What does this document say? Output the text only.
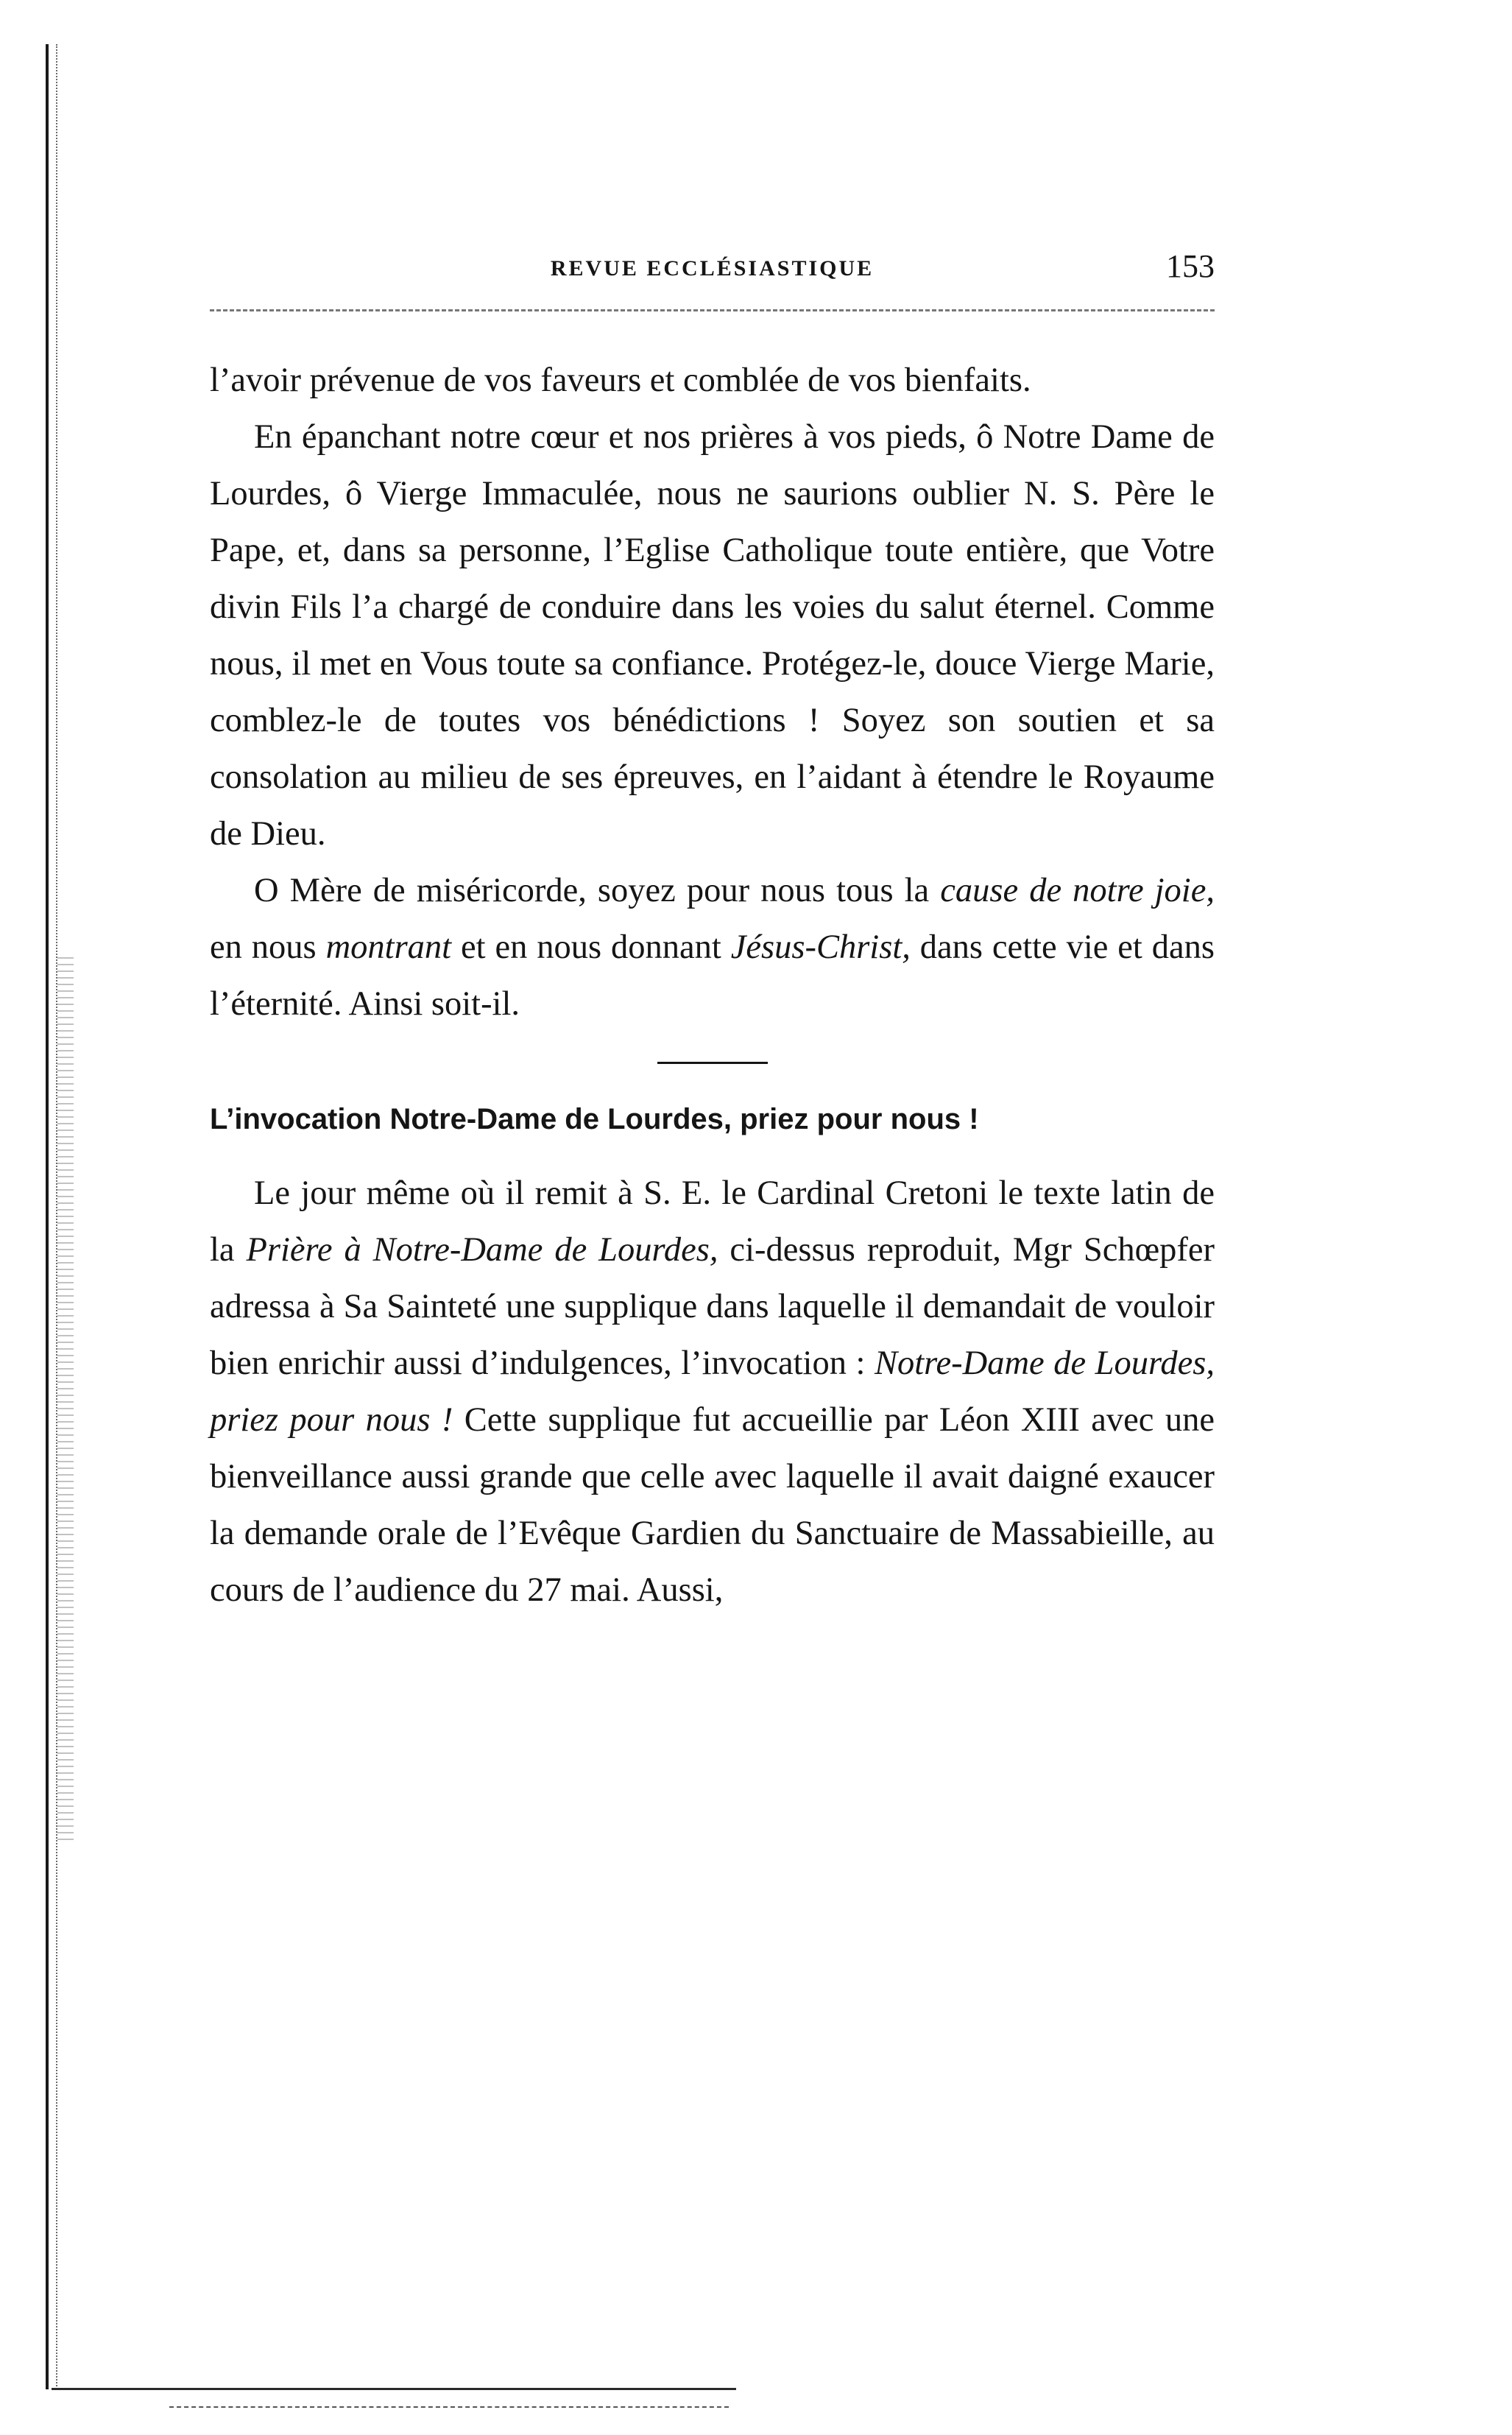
REVUE ECCLÉSIASTIQUE	153

l’avoir prévenue de vos faveurs et comblée de vos bienfaits.

En épanchant notre cœur et nos prières à vos pieds, ô Notre Dame de Lourdes, ô Vierge Immaculée, nous ne saurions oublier N. S. Père le Pape, et, dans sa personne, l’Eglise Catholique toute entière, que Votre divin Fils l’a chargé de conduire dans les voies du salut éternel. Comme nous, il met en Vous toute sa confiance. Protégez-le, douce Vierge Marie, comblez-le de toutes vos bénédictions ! Soyez son soutien et sa consolation au milieu de ses épreuves, en l’aidant à étendre le Royaume de Dieu.

O Mère de miséricorde, soyez pour nous tous la cause de notre joie, en nous montrant et en nous donnant Jésus-Christ, dans cette vie et dans l’éternité. Ainsi soit-il.

L’invocation Notre-Dame de Lourdes, priez pour nous !

Le jour même où il remit à S. E. le Cardinal Cretoni le texte latin de la Prière à Notre-Dame de Lourdes, ci-dessus reproduit, Mgr Schœpfer adressa à Sa Sainteté une supplique dans laquelle il demandait de vouloir bien enrichir aussi d’indulgences, l’invocation : Notre-Dame de Lourdes, priez pour nous ! Cette supplique fut accueillie par Léon XIII avec une bienveillance aussi grande que celle avec laquelle il avait daigné exaucer la demande orale de l’Evêque Gardien du Sanctuaire de Massabieille, au cours de l’audience du 27 mai. Aussi,
